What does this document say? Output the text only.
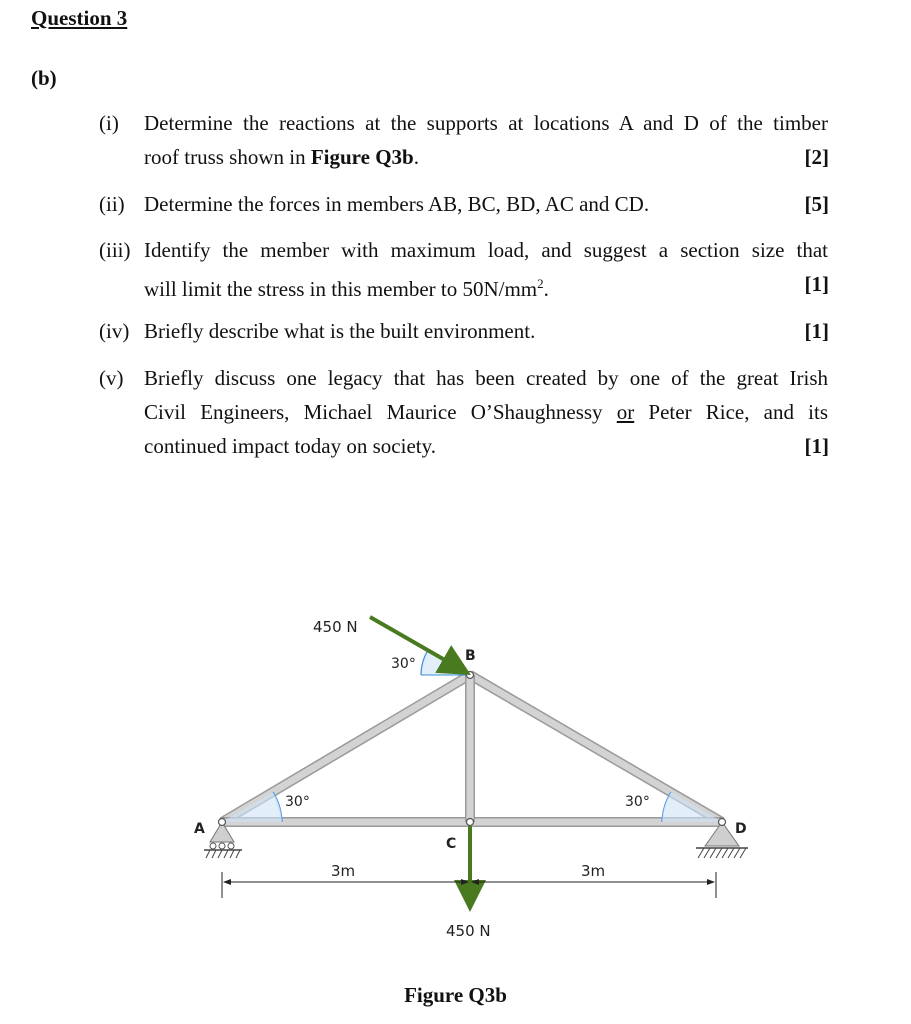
Question 3
(b)
(i) Determine the reactions at the supports at locations A and D of the timber
roof truss shown in Figure Q3b.	[2]
(ii) Determine the forces in members AB, BC, BD, AC and CD.	[5]
(iii) Identify the member with maximum load, and suggest a section size that
will limit the stress in this member to $50N/mm^2$.	[1]
(iv) Briefly describe what is the built environment.	[1]
(v) Briefly discuss one legacy that has been created by one of the great Irish
Civil Engineers, Michael Maurice O’Shaughnessy or Peter Rice, and its
continued impact today on society.	[1]
450 N
30°
30°	30°
A
B
C
D
3m	3m
450 N
Figure Q3b
